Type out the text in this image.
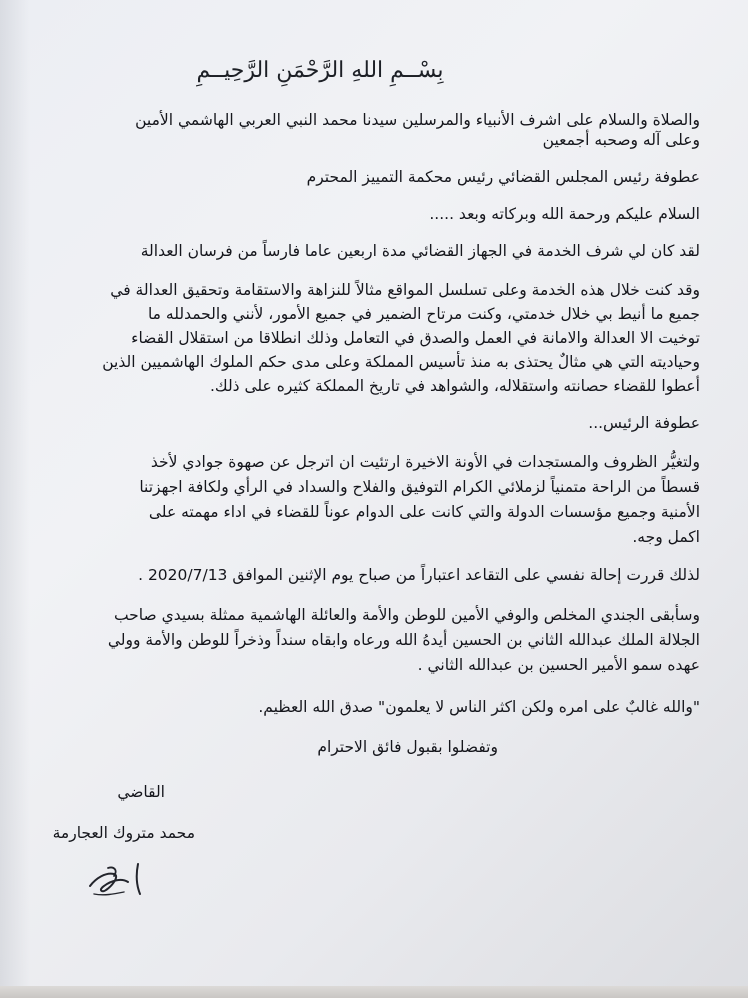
بِسْــمِ اللهِ الرَّحْمَنِ الرَّحِيــمِ
والصلاة والسلام على اشرف الأنبياء والمرسلين سيدنا محمد النبي العربي الهاشمي الأمين
وعلى آله وصحبه أجمعين
عطوفة رئيس المجلس القضائي رئيس محكمة التمييز المحترم
السلام عليكم ورحمة الله وبركاته وبعد .....
لقد كان لي شرف الخدمة في الجهاز القضائي مدة اربعين عاما فارساً من فرسان العدالة
وقد كنت خلال هذه الخدمة وعلى تسلسل المواقع مثالاً للنزاهة والاستقامة وتحقيق العدالة في
جميع ما أنيط بي خلال خدمتي، وكنت مرتاح الضمير في جميع الأمور، لأنني والحمدلله ما
توخيت الا العدالة والامانة في العمل والصدق في التعامل وذلك انطلاقا من استقلال القضاء
وحياديته التي هي مثالٌ يحتذى به منذ تأسيس المملكة وعلى مدى حكم الملوك الهاشميين الذين
أعطوا للقضاء حصانته واستقلاله، والشواهد في تاريخ المملكة كثيره على ذلك.
عطوفة الرئيس...
ولتغيُّر الظروف والمستجدات في الأونة الاخيرة ارتئيت ان اترجل عن صهوة جوادي لأخذ
قسطاً من الراحة متمنياً لزملائي الكرام التوفيق والفلاح والسداد في الرأي ولكافة اجهزتنا
الأمنية وجميع مؤسسات الدولة والتي كانت على الدوام عوناً للقضاء في اداء مهمته على
اكمل وجه.
لذلك قررت إحالة نفسي على التقاعد اعتباراً من صباح يوم الإثنين الموافق 2020/7/13 .
وسأبقى الجندي المخلص والوفي الأمين للوطن والأمة والعائلة الهاشمية ممثلة بسيدي صاحب
الجلالة الملك عبدالله الثاني بن الحسين أيدهُ الله ورعاه وابقاه سنداً وذخراً للوطن والأمة وولي
عهده سمو الأمير الحسين بن عبدالله الثاني .
"والله غالبٌ على امره ولكن اكثر الناس لا يعلمون" صدق الله العظيم.
وتفضلوا بقبول فائق الاحترام
القاضي
محمد متروك العجارمة
